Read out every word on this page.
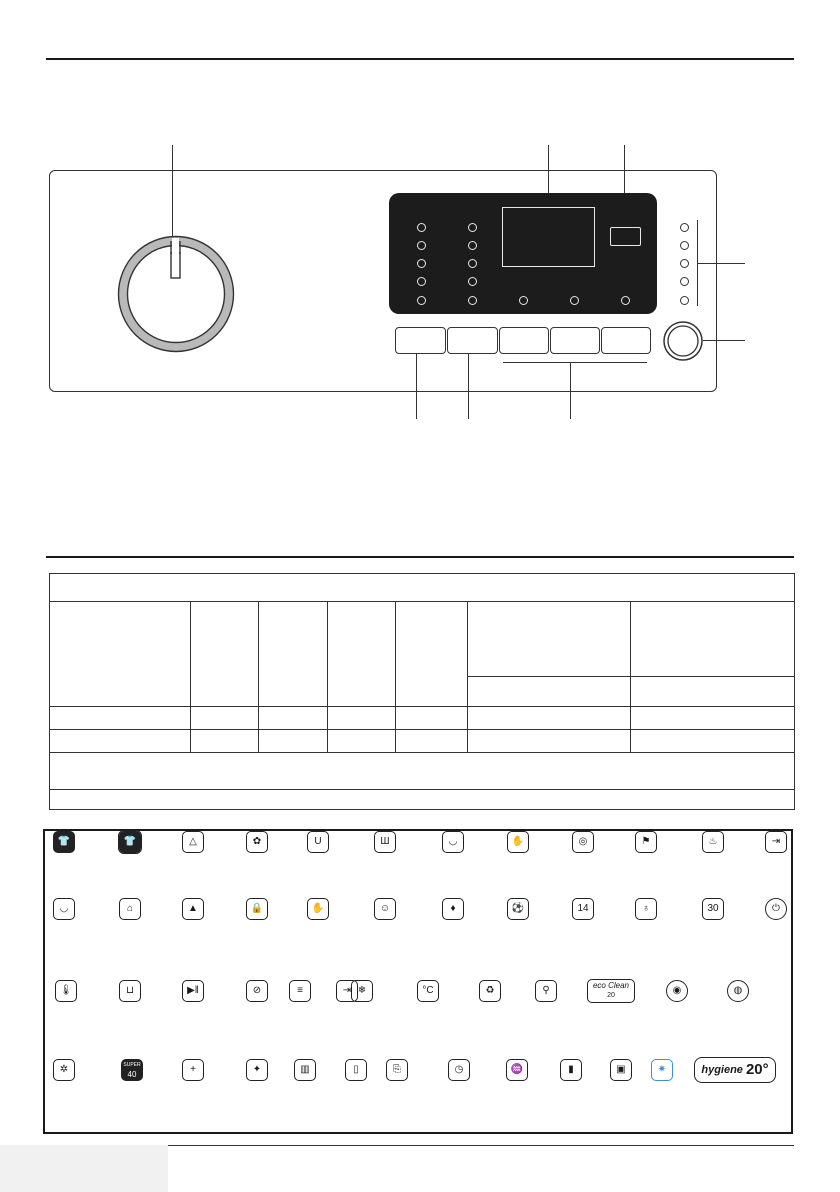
👕	👕	△	✿	U	Ш	◡	✋	◎	⚑	♨	⇥
◡	⌂	▲	🔒	✋	☺	♦	⚽	14	♁	30	⏻
🌡	⊔	▶‖	⊘	≡	⇥ ❄	°C	♻	⚲	eco Clean
20	◉	◍
✲	SUPER
40	+	✦	▥	▯	⎘	◷	♒	▮	▣	✷	hygiene 20°
